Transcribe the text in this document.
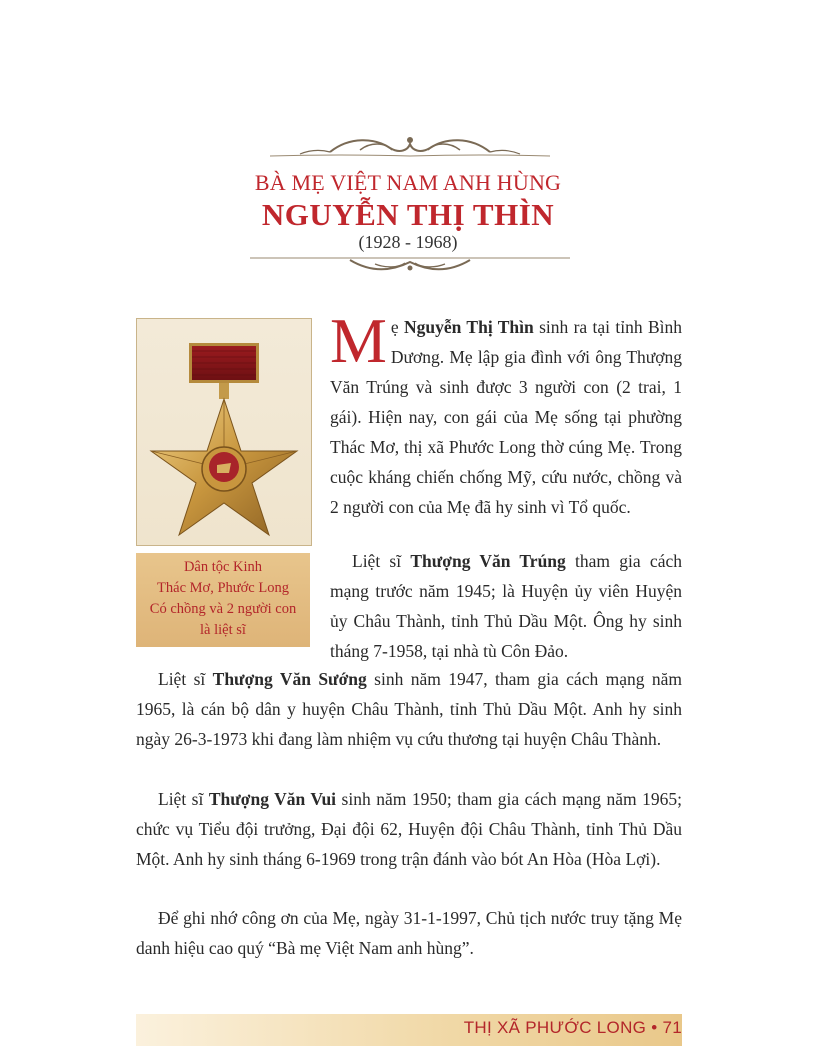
BÀ MẸ VIỆT NAM ANH HÙNG
NGUYỄN THỊ THÌN
(1928 - 1968)
Dân tộc Kinh
Thác Mơ, Phước Long
Có chồng và 2 người con
là liệt sĩ
Mẹ Nguyễn Thị Thìn sinh ra tại tỉnh Bình Dương. Mẹ lập gia đình với ông Thượng Văn Trúng và sinh được 3 người con (2 trai, 1 gái). Hiện nay, con gái của Mẹ sống tại phường Thác Mơ, thị xã Phước Long thờ cúng Mẹ. Trong cuộc kháng chiến chống Mỹ, cứu nước, chồng và 2 người con của Mẹ đã hy sinh vì Tổ quốc.
Liệt sĩ Thượng Văn Trúng tham gia cách mạng trước năm 1945; là Huyện ủy viên Huyện ủy Châu Thành, tỉnh Thủ Dầu Một. Ông hy sinh tháng 7-1958, tại nhà tù Côn Đảo.
Liệt sĩ Thượng Văn Sướng sinh năm 1947, tham gia cách mạng năm 1965, là cán bộ dân y huyện Châu Thành, tỉnh Thủ Dầu Một. Anh hy sinh ngày 26-3-1973 khi đang làm nhiệm vụ cứu thương tại huyện Châu Thành.
Liệt sĩ Thượng Văn Vui sinh năm 1950; tham gia cách mạng năm 1965; chức vụ Tiểu đội trưởng, Đại đội 62, Huyện đội Châu Thành, tỉnh Thủ Dầu Một. Anh hy sinh tháng 6-1969 trong trận đánh vào bót An Hòa (Hòa Lợi).
Để ghi nhớ công ơn của Mẹ, ngày 31-1-1997, Chủ tịch nước truy tặng Mẹ danh hiệu cao quý “Bà mẹ Việt Nam anh hùng”.
THỊ XÃ PHƯỚC LONG • 71
